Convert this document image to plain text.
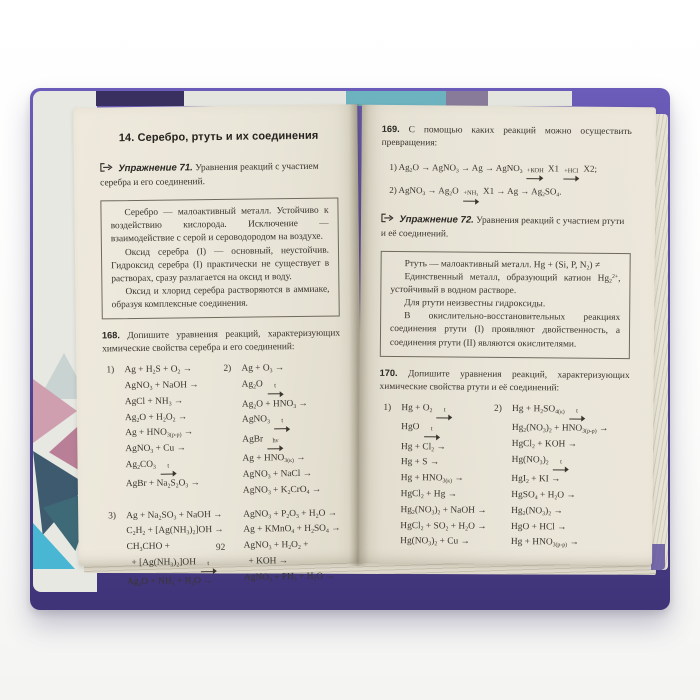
14. Серебро, ртуть и их соединения
Упражнение 71. Уравнения реакций с участием серебра и его соединений.
Серебро — малоактивный металл. Устойчиво к воздействию кислорода. Исключение — взаимодействие с серой и сероводородом на воздухе.
Оксид серебра (I) — основный, неустойчив. Гидроксид серебра (I) практически не существует в растворах, сразу разлагается на оксид и воду.
Оксид и хлорид серебра растворяются в аммиаке, образуя комплексные соединения.

168. Допишите уравнения реакций, характеризующих химические свойства серебра и его соединений:

1)	$Ag + H_2S + O_2$ →
AgNO$_3$ + NaOH →
AgCl + $NH_3$ →
$Ag_2O + H_2O_2$ →
$Ag + HNO_{3(р-р)}$ →
AgNO$_3$ + Cu →
$Ag_2CO_3$ t
AgBr + $Na_2S_2O_3$ →
2)	$Ag + O_3$ →
$Ag_2O$ t
$Ag_2O + HNO_3$ →
AgNO$_3$ t
AgBr hν
$Ag + HNO_{3(к)}$ →
AgNO$_3$ + NaCl →
AgNO$_3$ + $K_2CrO_4$ →
3)	$Ag + Na_2SO_3$ + NaOH →
$C_2H_2 + [Ag(NH_3)_2]OH$ →
$CH_3CHO$ +
+ $[Ag(NH_3)_2]OH$ t
$Ag_2O + NH_3 + H_2O$ →
AgNO$_3$ + $P_2O_3 + H_2O$ →
Ag + KMnO$_4$ + $H_2SO_4$ →
AgNO$_3$ + $H_2O_2$ +
+ KOH →
AgNO$_3$ + $PH_3 + H_2O$ →
92

169. С помощью каких реакций можно осуществить превращения:

1) $Ag_2O$ → AgNO$_3$ → Ag → AgNO$_3$ +КОН X1 +HCl X2;
2) AgNO$_3$ → $Ag_2O +NH_3$ $X1 \to Ag \to Ag_2SO_4$.
Упражнение 72. Уравнения реакций с участием ртути и её соединений.
Ртуть — малоактивный металл. Hg + (Si, P, $N_2$) ≠
Единственный металл, образующий катион $Hg_2^{2+}$, устойчивый в водном растворе.
Для ртути неизвестны гидроксиды.
В окислительно-восстановительных реакциях соединения ртути (I) проявляют двойственность, а соединения ртути (II) являются окислителями.

170. Допишите уравнения реакций, характеризующих химические свойства ртути и её соединений:

1)	$Hg + O_2$ t
HgO t
$Hg + Cl_2$ →
Hg + S →
$Hg + HNO_{3(к)}$ →
HgCl$_2$ + Hg →
$Hg_2(NO_3)_2$ + NaOH →
HgCl$_2$ + $SO_2 + H_2O$ →
$Hg(NO_3)_2 + Cu$ →
2)	$Hg + H_2SO_{4(к)}$ t
$Hg_2(NO_3)_2 + HNO_{3(р-р)}$ →
HgCl$_2$ + KOH →
$Hg(NO_3)_2$ t
HgI$_2$ + KI →
HgSO$_4$ + $H_2O$ →
$Hg_2(NO_3)_2$ →
HgO + HCl →
$Hg + HNO_{3(р-р)}$ →
